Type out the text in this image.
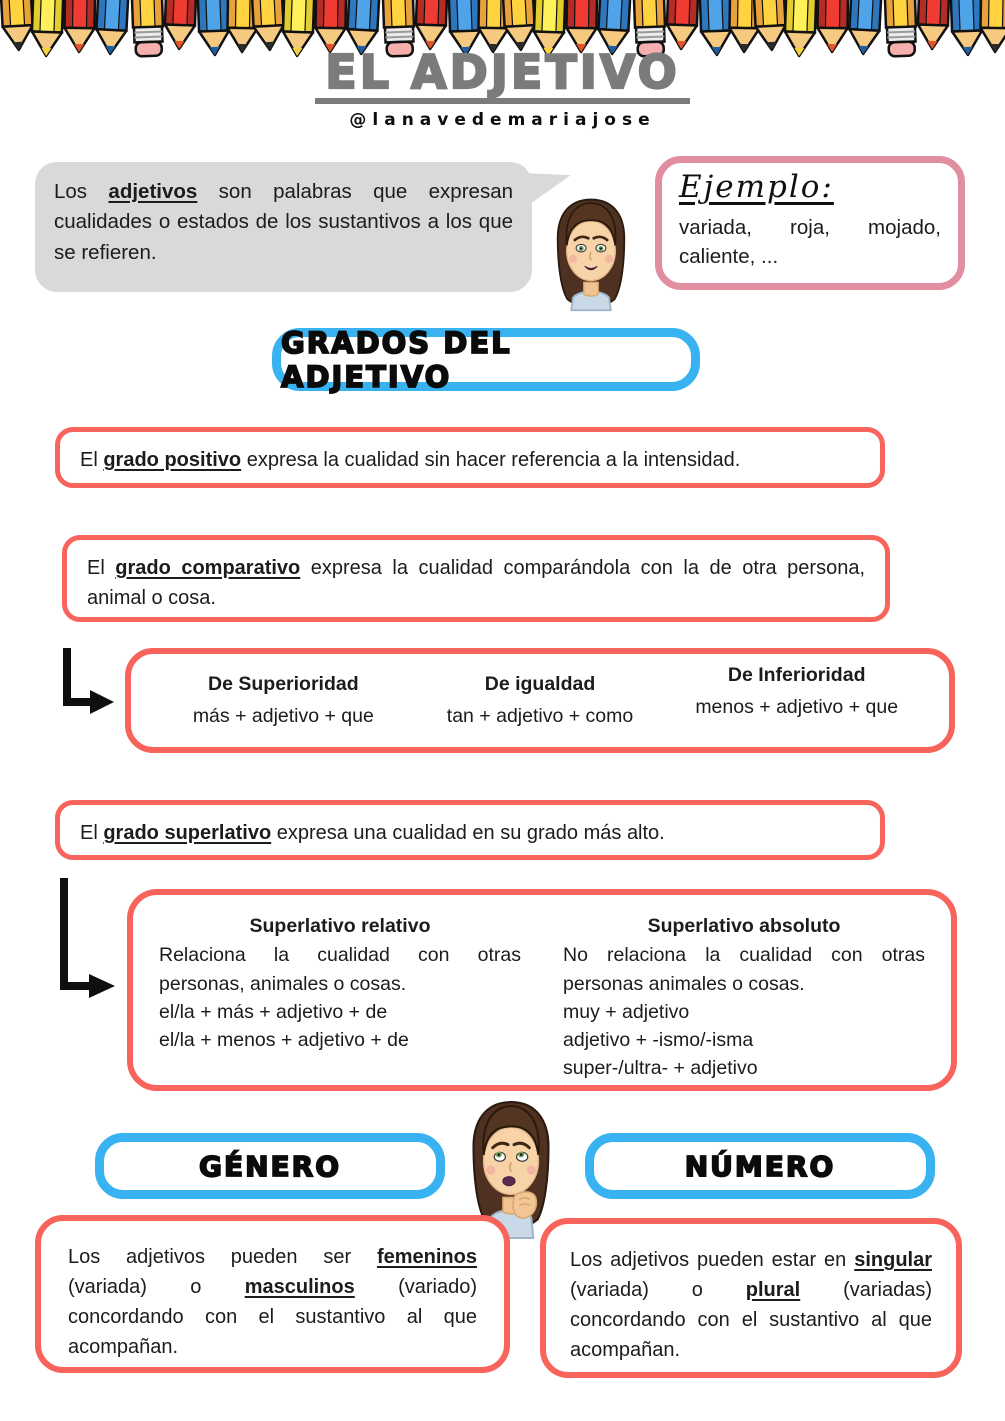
EL ADJETIVO
@lanavedemariajose
Los adjetivos son palabras que expresan cualidades o estados de los sustantivos a los que se refieren.
Ejemplo:
variada, roja, mojado, caliente, ...
GRADOS DEL ADJETIVO
El grado positivo expresa la cualidad sin hacer referencia a la intensidad.
El grado comparativo expresa la cualidad comparándola con la de otra persona, animal o cosa.
De Superioridad
más + adjetivo + que
De igualdad
tan + adjetivo + como
De Inferioridad
menos + adjetivo + que
El grado superlativo expresa una cualidad en su grado más alto.
Superlativo relativo
Relaciona la cualidad con otras personas, animales o cosas.
el/la + más + adjetivo + de
el/la + menos + adjetivo + de
Superlativo absoluto
No relaciona la cualidad con otras personas animales o cosas.
muy + adjetivo
adjetivo + -ismo/-isma
super-/ultra- + adjetivo
GÉNERO	NÚMERO
Los adjetivos pueden ser femeninos (variada) o masculinos (variado) concordando con el sustantivo al que acompañan.
Los adjetivos pueden estar en singular (variada) o plural (variadas) concordando con el sustantivo al que acompañan.
